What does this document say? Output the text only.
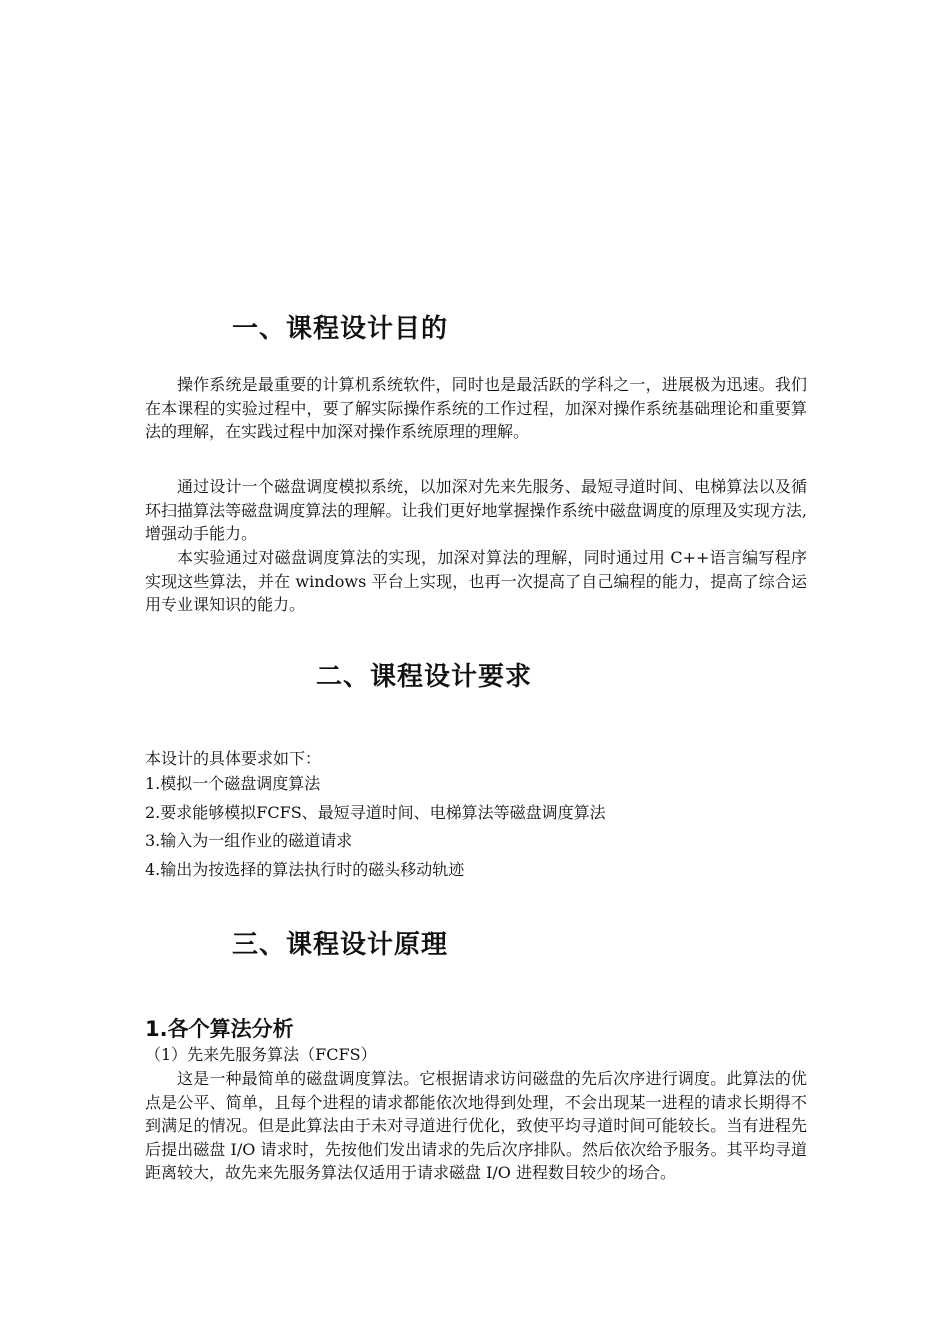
一、课程设计目的

操作系统是最重要的计算机系统软件，同时也是最活跃的学科之一，进展极为迅速。我们在本课程的实验过程中，要了解实际操作系统的工作过程，加深对操作系统基础理论和重要算法的理解，在实践过程中加深对操作系统原理的理解。

通过设计一个磁盘调度模拟系统，以加深对先来先服务、最短寻道时间、电梯算法以及循环扫描算法等磁盘调度算法的理解。让我们更好地掌握操作系统中磁盘调度的原理及实现方法,增强动手能力。

本实验通过对磁盘调度算法的实现，加深对算法的理解，同时通过用 C++语言编写程序实现这些算法，并在 windows 平台上实现，也再一次提高了自己编程的能力，提高了综合运用专业课知识的能力。

二、课程设计要求

本设计的具体要求如下：

1.模拟一个磁盘调度算法
2.要求能够模拟FCFS、最短寻道时间、电梯算法等磁盘调度算法
3.输入为一组作业的磁道请求
4.输出为按选择的算法执行时的磁头移动轨迹
三、课程设计原理
1.各个算法分析

（1）先来先服务算法（FCFS）

这是一种最简单的磁盘调度算法。它根据请求访问磁盘的先后次序进行调度。此算法的优点是公平、简单，且每个进程的请求都能依次地得到处理，不会出现某一进程的请求长期得不到满足的情况。但是此算法由于未对寻道进行优化，致使平均寻道时间可能较长。当有进程先后提出磁盘 I/O 请求时，先按他们发出请求的先后次序排队。然后依次给予服务。其平均寻道距离较大，故先来先服务算法仅适用于请求磁盘 I/O 进程数目较少的场合。
